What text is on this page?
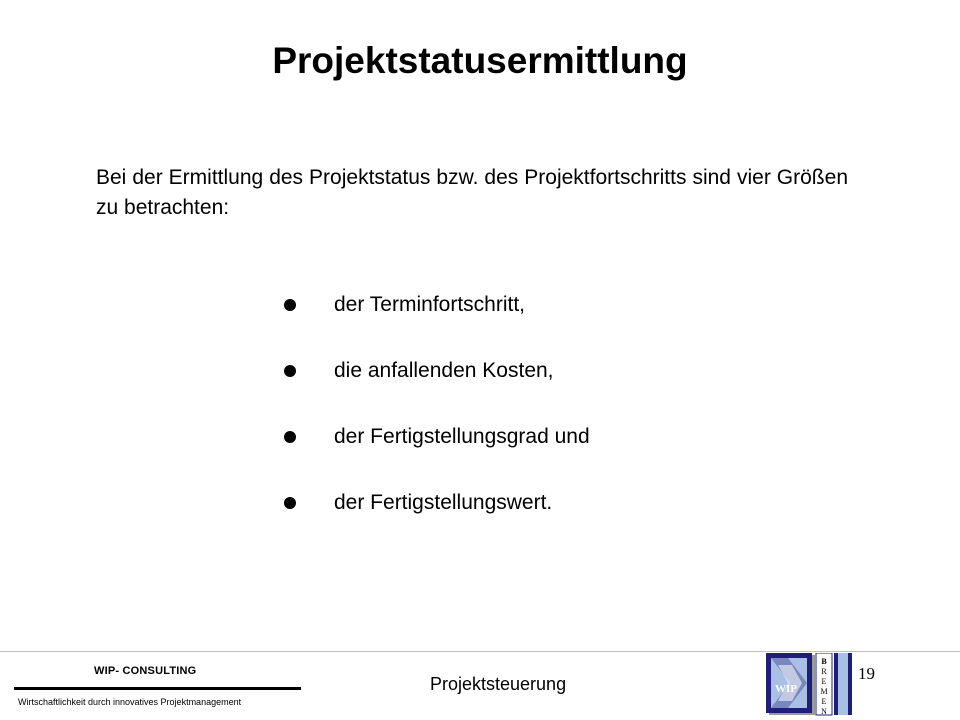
Projektstatusermittlung

Bei der Ermittlung des Projektstatus bzw. des Projektfortschritts sind vier Größen zu betrachten:

der Terminfortschritt,
die anfallenden Kosten,
der Fertigstellungsgrad und
der Fertigstellungswert.
WIP- CONSULTING
Wirtschaftlichkeit durch innovatives Projektmanagement
Projektsteuerung
19
WIP
B
R
E
M
E
N
